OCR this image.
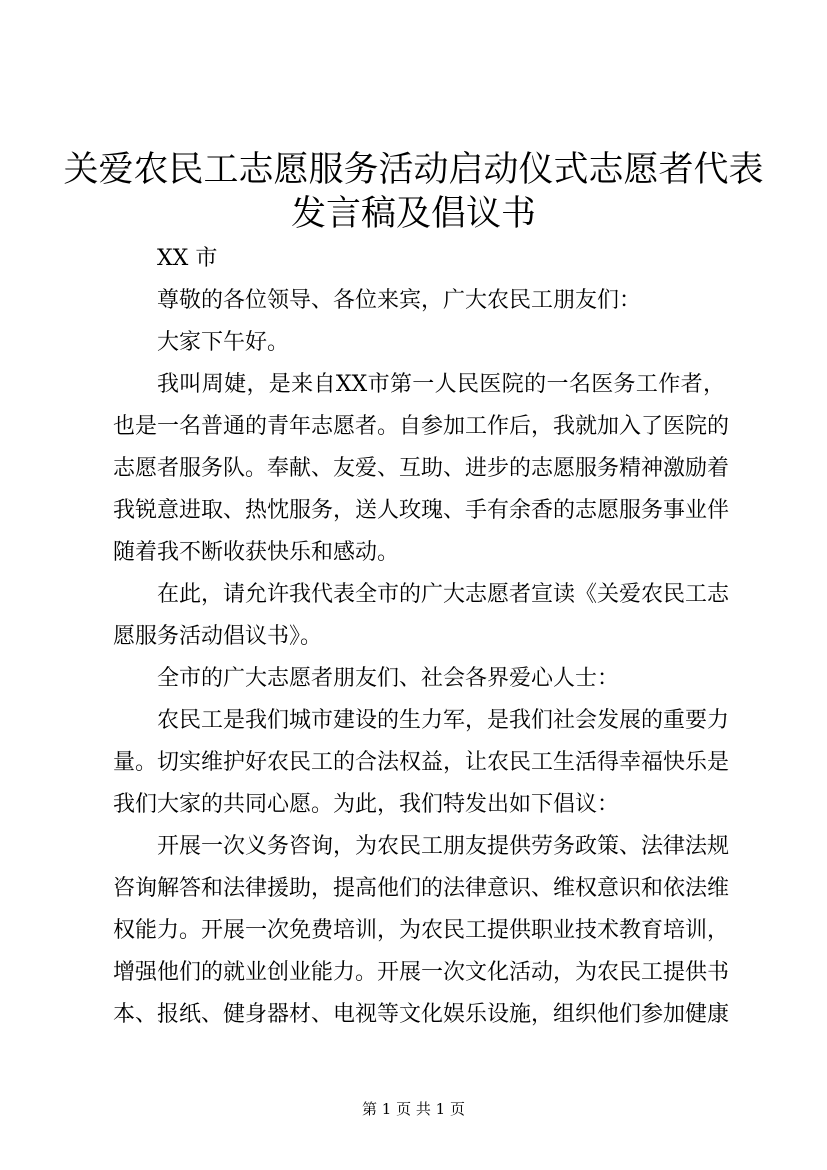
关爱农民工志愿服务活动启动仪式志愿者代表
发言稿及倡议书
XX 市
尊敬的各位领导、各位来宾，广大农民工朋友们：
大家下午好。
我叫周婕，是来自XX市第一人民医院的一名医务工作者，
也是一名普通的青年志愿者。自参加工作后，我就加入了医院的
志愿者服务队。奉献、友爱、互助、进步的志愿服务精神激励着
我锐意进取、热忱服务，送人玫瑰、手有余香的志愿服务事业伴
随着我不断收获快乐和感动。
在此，请允许我代表全市的广大志愿者宣读《关爱农民工志
愿服务活动倡议书》。
全市的广大志愿者朋友们、社会各界爱心人士：
农民工是我们城市建设的生力军，是我们社会发展的重要力
量。切实维护好农民工的合法权益，让农民工生活得幸福快乐是
我们大家的共同心愿。为此，我们特发出如下倡议：
开展一次义务咨询，为农民工朋友提供劳务政策、法律法规
咨询解答和法律援助，提高他们的法律意识、维权意识和依法维
权能力。开展一次免费培训，为农民工提供职业技术教育培训，
增强他们的就业创业能力。开展一次文化活动，为农民工提供书
本、报纸、健身器材、电视等文化娱乐设施，组织他们参加健康
第 1 页 共 1 页
